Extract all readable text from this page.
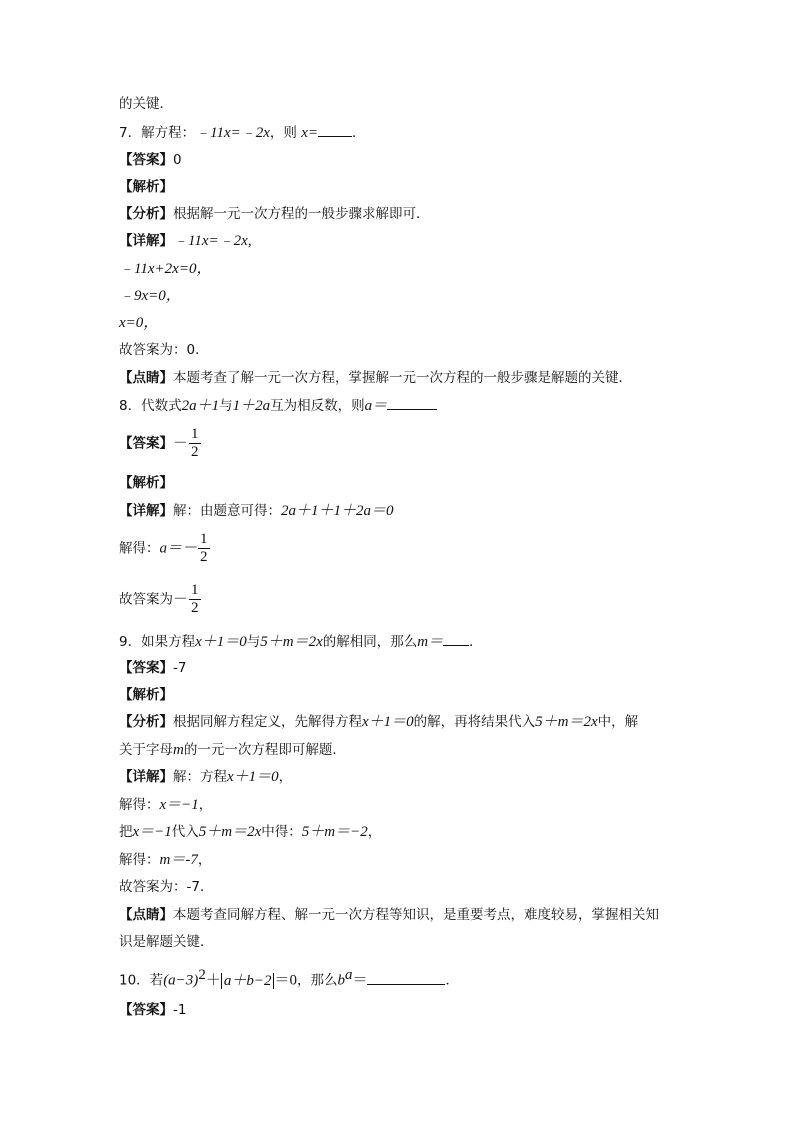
的关键．
7．解方程：﹣11x=﹣2x，则 x=	．
【答案】0
【解析】
【分析】根据解一元一次方程的一般步骤求解即可．
【详解】﹣11x=﹣2x,
﹣11x+2x=0，
﹣9x=0，
x=0，
故答案为：0．
【点睛】本题考查了解一元一次方程，掌握解一元一次方程的一般步骤是解题的关键．
8．代数式2a＋1与1＋2a互为相反数，则a＝
【答案】－ $\frac{1}{2}$
【解析】
【详解】解：由题意可得：2a＋1＋1＋2a＝0
解得：$a=- \frac{1}{2}$
故答案为－ $\frac{1}{2}$
9．如果方程x＋1＝0与5＋m＝2x的解相同，那么m＝ ．
【答案】-7
【解析】
【分析】根据同解方程定义，先解得方程x＋1＝0的解，再将结果代入5＋m＝2x中，解
关于字母m的一元一次方程即可解题．
【详解】解：方程x＋1＝0，
解得：x＝−1，
把x＝−1代入5＋m＝2x中得：5＋m＝−2，
解得：m＝-7，
故答案为：-7．
【点睛】本题考查同解方程、解一元一次方程等知识，是重要考点，难度较易，掌握相关知
识是解题关键．
10．若$(a-3)^2+ a+b-2 =0$，那么$b^a=$	．
【答案】-1
